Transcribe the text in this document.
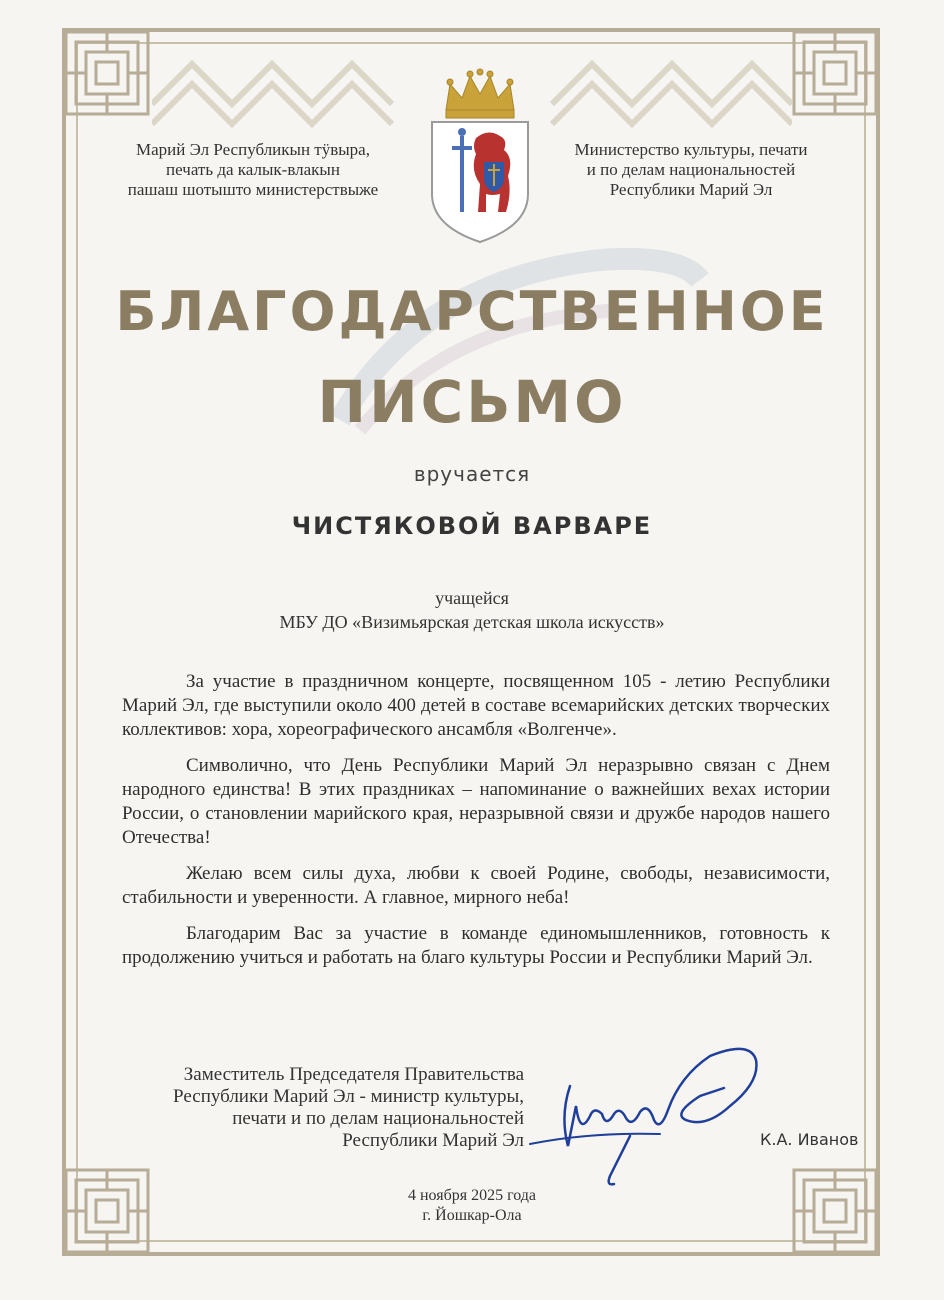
Марий Эл Республикын тӱвыра,
печать да калык-влакын
пашаш шотышто министерствыже
Министерство культуры, печати
и по делам национальностей
Республики Марий Эл
БЛАГОДАРСТВЕННОЕ
ПИСЬМО
вручается
ЧИСТЯКОВОЙ ВАРВАРЕ
учащейся
МБУ ДО «Визимьярская детская школа искусств»

За участие в праздничном концерте, посвященном 105 - летию Республики Марий Эл, где выступили около 400 детей в составе всемарийских детских творческих коллективов: хора, хореографического ансамбля «Волгенче».

Символично, что День Республики Марий Эл неразрывно связан с Днем народного единства! В этих праздниках – напоминание о важнейших вехах истории России, о становлении марийского края, неразрывной связи и дружбе народов нашего Отечества!

Желаю всем силы духа, любви к своей Родине, свободы, независимости, стабильности и уверенности. А главное, мирного неба!

Благодарим Вас за участие в команде единомышленников, готовность к продолжению учиться и работать на благо культуры России и Республики Марий Эл.

Заместитель Председателя Правительства
Республики Марий Эл - министр культуры,
печати и по делам национальностей
Республики Марий Эл	К.А. Иванов
4 ноября 2025 года
г. Йошкар-Ола
